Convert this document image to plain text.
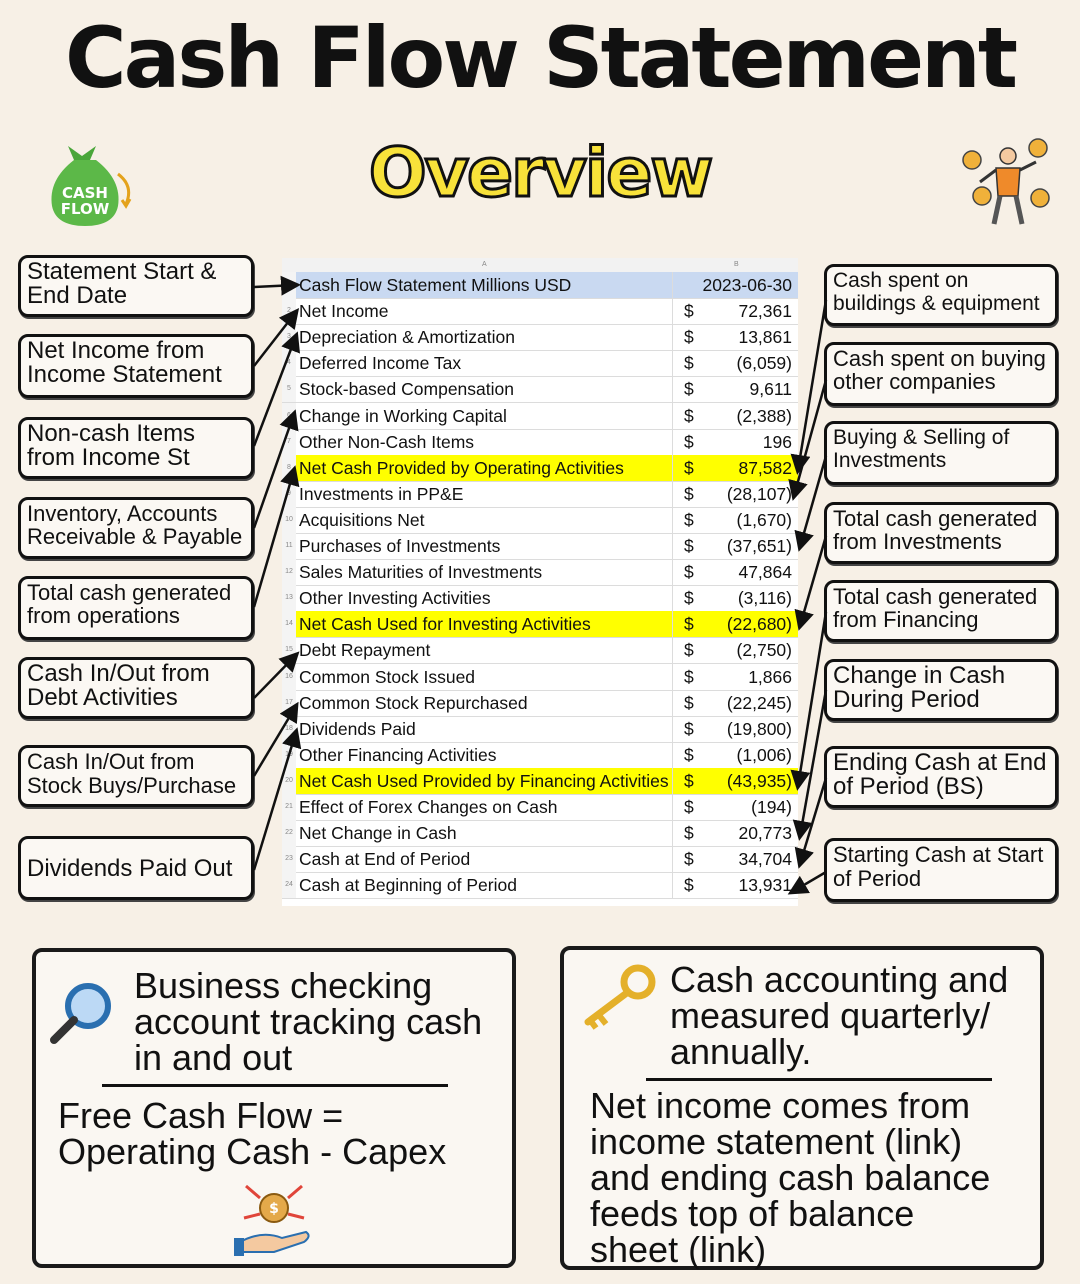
Cash Flow Statement
Overview
CASH
FLOW
Statement Start & End Date
Net Income from Income Statement
Non-cash Items from Income St
Inventory, Accounts Receivable & Payable
Total cash generated from operations
Cash In/Out from Debt Activities
Cash In/Out from Stock Buys/Purchase
Dividends Paid Out
Cash spent on buildings & equipment
Cash spent on buying other companies
Buying & Selling of Investments
Total cash generated from Investments
Total cash generated from Financing
Change in Cash During Period
Ending Cash at End of Period (BS)
Starting Cash at Start of Period
A	B
1 Cash Flow Statement Millions USD	2023-06-30
2 Net Income	$	72,361
3 Depreciation & Amortization	$	13,861
4 Deferred Income Tax	$ (6,059)
5 Stock-based Compensation	$	9,611
6 Change in Working Capital	$ (2,388)
7 Other Non-Cash Items	$	196
8 Net Cash Provided by Operating Activities	$	87,582
9 Investments in PP&E	$ (28,107)
10 Acquisitions Net	$ (1,670)
11 Purchases of Investments	$ (37,651)
12 Sales Maturities of Investments	$	47,864
13 Other Investing Activities	$	(3,116)
14 Net Cash Used for Investing Activities	$ (22,680)
15 Debt Repayment	$ (2,750)
16 Common Stock Issued	$	1,866
17 Common Stock Repurchased	$ (22,245)
18 Dividends Paid	$ (19,800)
19 Other Financing Activities	$ (1,006)
20 Net Cash Used Provided by Financing Activities $ (43,935)
21 Effect of Forex Changes on Cash	$	(194)
22 Net Change in Cash	$	20,773
23 Cash at End of Period	$	34,704
24 Cash at Beginning of Period	$	13,931
Business checking
account tracking cash
in and out
Free Cash Flow =
Operating Cash - Capex
$
Cash accounting and
measured quarterly/
annually.
Net income comes from
income statement (link)
and ending cash balance
feeds top of balance
sheet (link)
